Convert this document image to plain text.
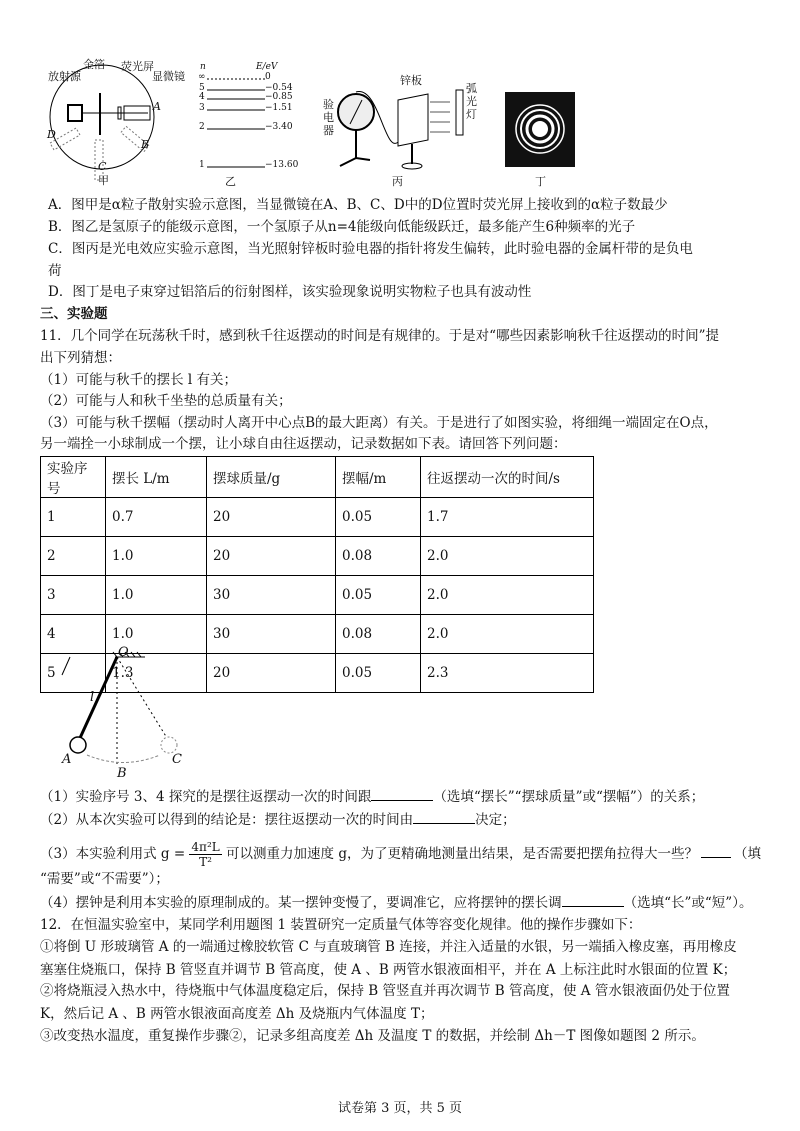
放射源
金箔 荧光屏
显微镜
A
B
C
D
甲
n	E/eV
∞	0
5	−0.54
4	−0.85
3	−1.51
2	−3.40
1	−13.60
乙
验电器
锌板
弧光灯
丙	丁
A．图甲是α粒子散射实验示意图，当显微镜在A、B、C、D中的D位置时荧光屏上接收到的α粒子数最少
B．图乙是氢原子的能级示意图，一个氢原子从n=4能级向低能级跃迁，最多能产生6种频率的光子
C．图丙是光电效应实验示意图，当光照射锌板时验电器的指针将发生偏转，此时验电器的金属杆带的是负电
荷
D．图丁是电子束穿过铝箔后的衍射图样，该实验现象说明实物粒子也具有波动性
三、实验题
11．几个同学在玩荡秋千时，感到秋千往返摆动的时间是有规律的。于是对“哪些因素影响秋千往返摆动的时间”提
出下列猜想：
（1）可能与秋千的摆长 l 有关；
（2）可能与人和秋千坐垫的总质量有关；
（3）可能与秋千摆幅（摆动时人离开中心点B的最大距离）有关。于是进行了如图实验，将细绳一端固定在O点，
另一端拴一小球制成一个摆，让小球自由往返摆动，记录数据如下表。请回答下列问题：
实验序号	摆长 L/m	摆球质量/g	摆幅/m	往返摆动一次的时间/s
1	0.7	20	0.05	1.7
2	1.0	20	0.08	2.0
3	1.0	30	0.05	2.0
4	1.0	30	0.08	2.0
5	1.3	20	0.05	2.3
O
l
A
B
C
（1）实验序号 3、4 探究的是摆往返摆动一次的时间跟	（选填“摆长”“摆球质量”或“摆幅”）的关系；
（2）从本次实验可以得到的结论是：摆往返摆动一次的时间由	决定；
（3）本实验利用式 $g = \frac{\text{4π²L}}{\text{T²}}$ 可以测重力加速度 g，为了更精确地测量出结果，是否需要把摆角拉得大一些？	（填
“需要”或“不需要”）；
（4）摆钟是利用本实验的原理制成的。某一摆钟变慢了，要调准它，应将摆钟的摆长调	（选填“长”或“短”）。
12．在恒温实验室中，某同学利用题图 1 装置研究一定质量气体等容变化规律。他的操作步骤如下：
①将倒 U 形玻璃管 A 的一端通过橡胶软管 C 与直玻璃管 B 连接，并注入适量的水银，另一端插入橡皮塞，再用橡皮
塞塞住烧瓶口，保持 B 管竖直并调节 B 管高度，使 A 、B 两管水银液面相平，并在 A 上标注此时水银面的位置 K；
②将烧瓶浸入热水中，待烧瓶中气体温度稳定后，保持 B 管竖直并再次调节 B 管高度，使 A 管水银液面仍处于位置
K，然后记 A 、B 两管水银液面高度差 Δh 及烧瓶内气体温度 T；
③改变热水温度，重复操作步骤②，记录多组高度差 Δh 及温度 T 的数据，并绘制 Δh－T 图像如题图 2 所示。
试卷第 3 页，共 5 页
